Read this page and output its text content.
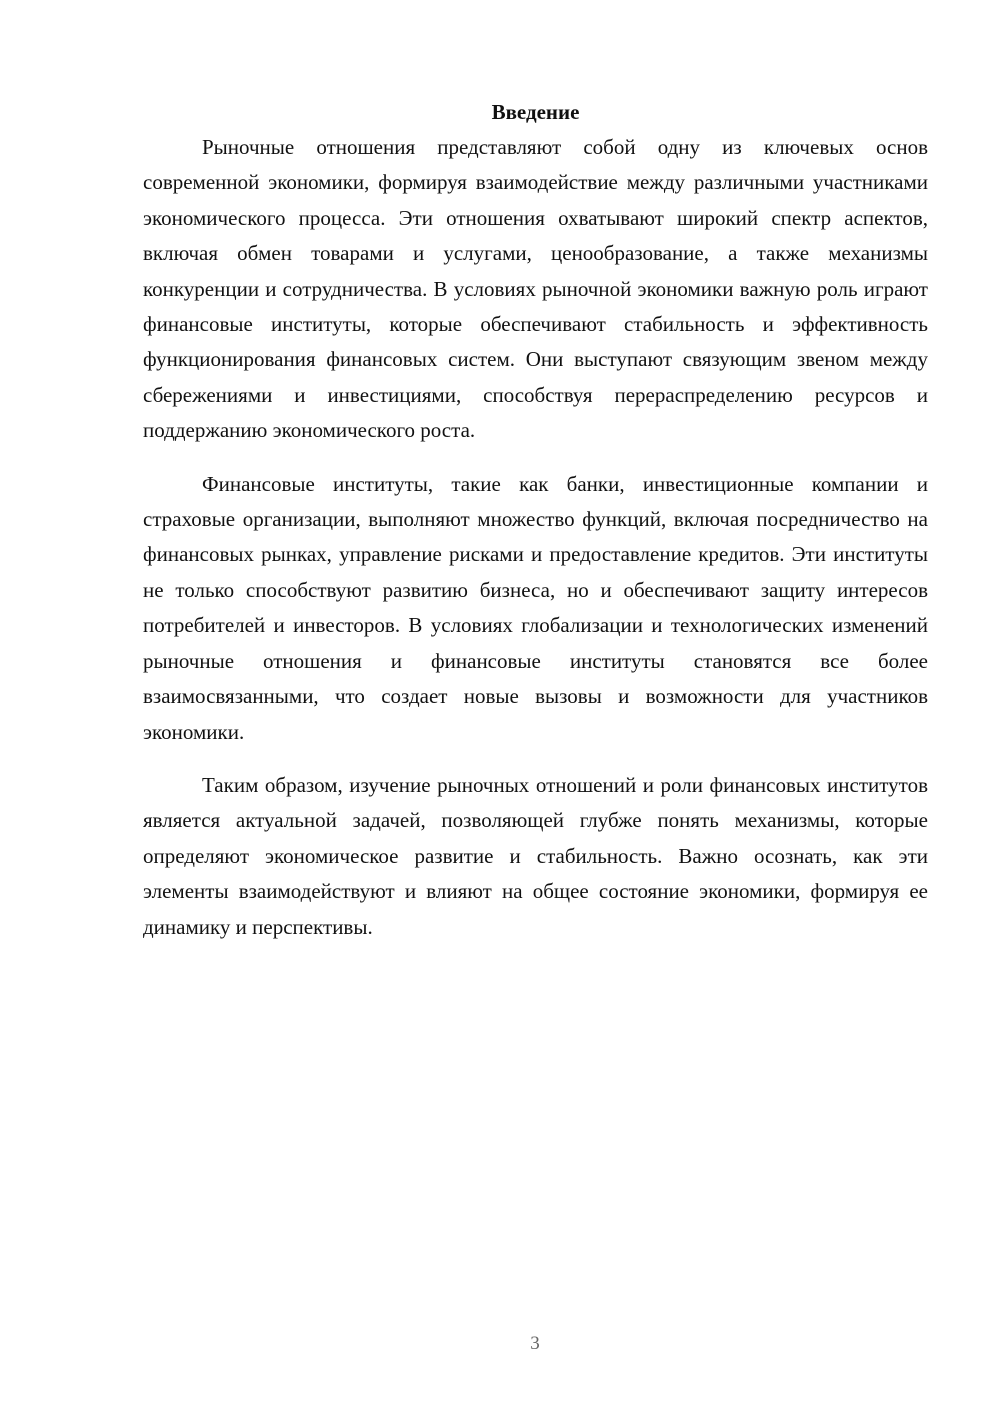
Введение

Рыночные отношения представляют собой одну из ключевых основ современной экономики, формируя взаимодействие между различными участниками экономического процесса. Эти отношения охватывают широкий спектр аспектов, включая обмен товарами и услугами, ценообразование, а также механизмы конкуренции и сотрудничества. В условиях рыночной экономики важную роль играют финансовые институты, которые обеспечивают стабильность и эффективность функционирования финансовых систем. Они выступают связующим звеном между сбережениями и инвестициями, способствуя перераспределению ресурсов и поддержанию экономического роста.

Финансовые институты, такие как банки, инвестиционные компании и страховые организации, выполняют множество функций, включая посредничество на финансовых рынках, управление рисками и предоставление кредитов. Эти институты не только способствуют развитию бизнеса, но и обеспечивают защиту интересов потребителей и инвесторов. В условиях глобализации и технологических изменений рыночные отношения и финансовые институты становятся все более взаимосвязанными, что создает новые вызовы и возможности для участников экономики.

Таким образом, изучение рыночных отношений и роли финансовых институтов является актуальной задачей, позволяющей глубже понять механизмы, которые определяют экономическое развитие и стабильность. Важно осознать, как эти элементы взаимодействуют и влияют на общее состояние экономики, формируя ее динамику и перспективы.

3
